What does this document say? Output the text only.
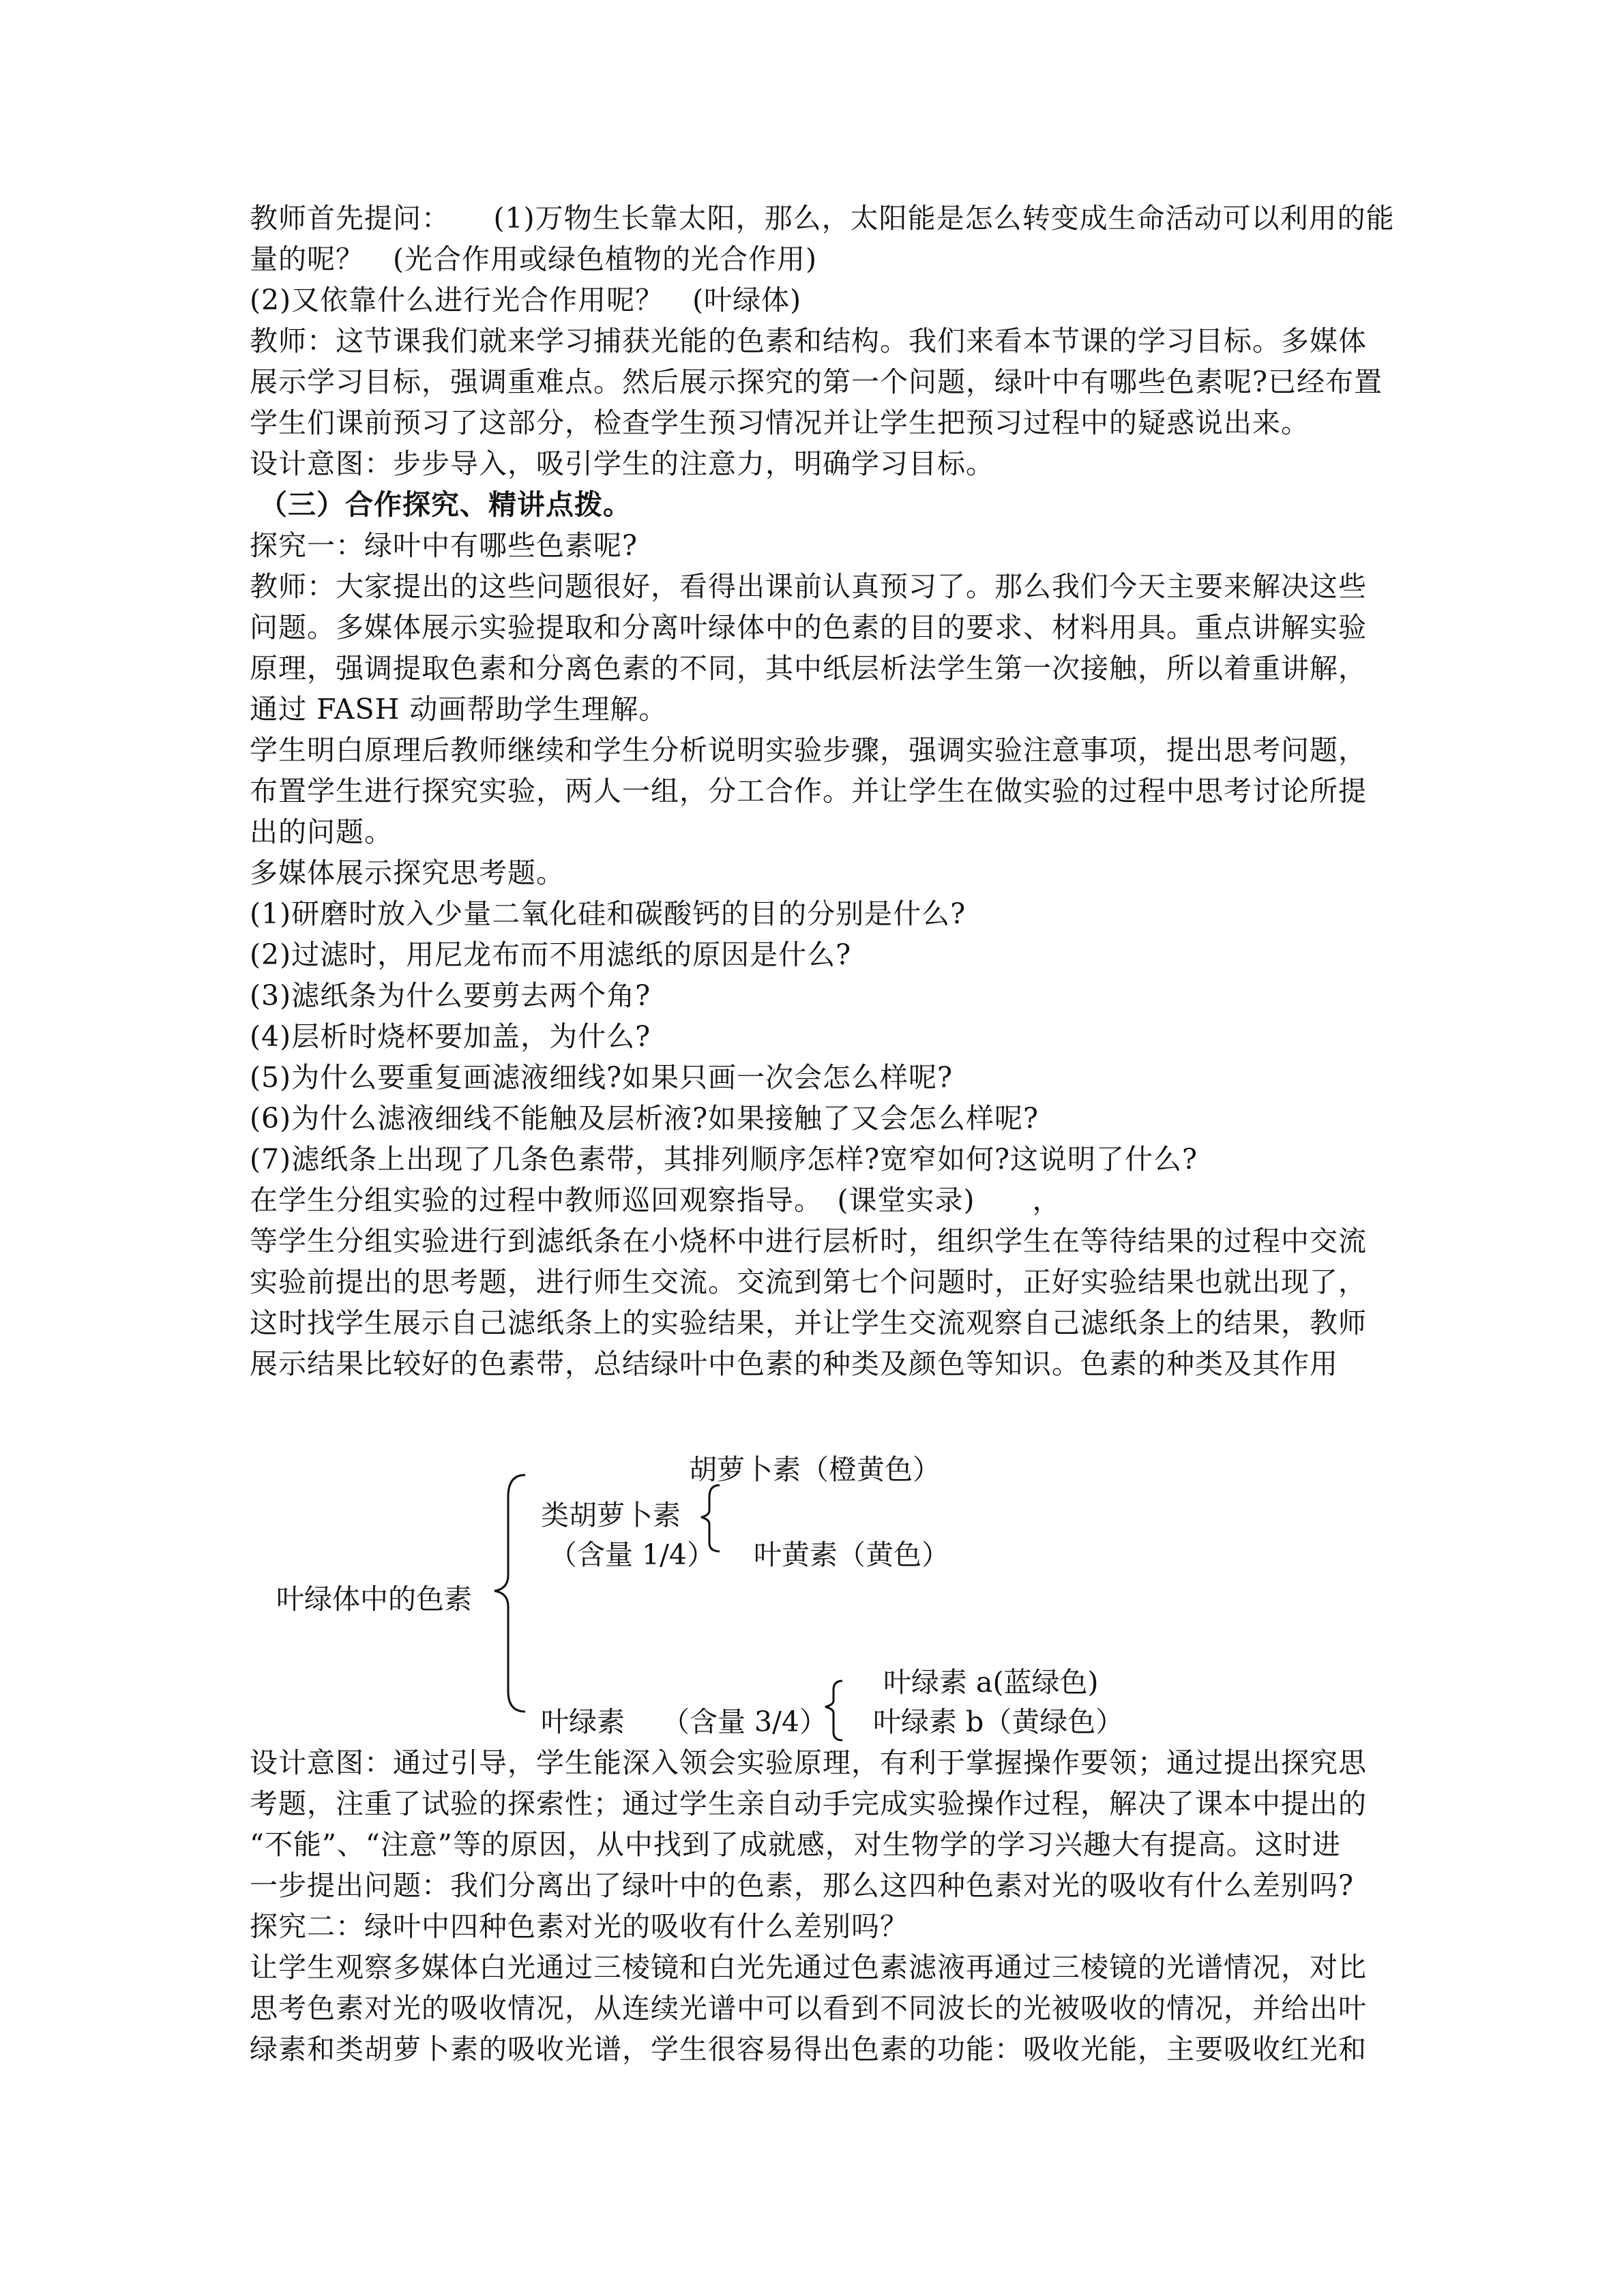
教师首先提问：　　(1)万物生长靠太阳，那么，太阳能是怎么转变成生命活动可以利用的能
量的呢？　(光合作用或绿色植物的光合作用)
(2)又依靠什么进行光合作用呢？　(叶绿体)
教师：这节课我们就来学习捕获光能的色素和结构。我们来看本节课的学习目标。多媒体
展示学习目标，强调重难点。然后展示探究的第一个问题，绿叶中有哪些色素呢?已经布置
学生们课前预习了这部分，检查学生预习情况并让学生把预习过程中的疑惑说出来。
设计意图：步步导入，吸引学生的注意力，明确学习目标。
（三）合作探究、精讲点拨。
探究一：绿叶中有哪些色素呢?
教师：大家提出的这些问题很好，看得出课前认真预习了。那么我们今天主要来解决这些
问题。多媒体展示实验提取和分离叶绿体中的色素的目的要求、材料用具。重点讲解实验
原理，强调提取色素和分离色素的不同，其中纸层析法学生第一次接触，所以着重讲解，
通过 FASH 动画帮助学生理解。
学生明白原理后教师继续和学生分析说明实验步骤，强调实验注意事项，提出思考问题，
布置学生进行探究实验，两人一组，分工合作。并让学生在做实验的过程中思考讨论所提
出的问题。
多媒体展示探究思考题。
(1)研磨时放入少量二氧化硅和碳酸钙的目的分别是什么?
(2)过滤时，用尼龙布而不用滤纸的原因是什么?
(3)滤纸条为什么要剪去两个角?
(4)层析时烧杯要加盖，为什么?
(5)为什么要重复画滤液细线?如果只画一次会怎么样呢?
(6)为什么滤液细线不能触及层析液?如果接触了又会怎么样呢?
(7)滤纸条上出现了几条色素带，其排列顺序怎样?宽窄如何?这说明了什么?
在学生分组实验的过程中教师巡回观察指导。　(课堂实录)　　，
等学生分组实验进行到滤纸条在小烧杯中进行层析时，组织学生在等待结果的过程中交流
实验前提出的思考题，进行师生交流。交流到第七个问题时，正好实验结果也就出现了，
这时找学生展示自己滤纸条上的实验结果，并让学生交流观察自己滤纸条上的结果，教师
展示结果比较好的色素带，总结绿叶中色素的种类及颜色等知识。色素的种类及其作用
叶绿体中的色素
类胡萝卜素
（含量 1/4）
胡萝卜素（橙黄色）
叶黄素（黄色）
叶绿素 （含量 3/4）
叶绿素 a(蓝绿色)
叶绿素 b（黄绿色）
设计意图：通过引导，学生能深入领会实验原理，有利于掌握操作要领；通过提出探究思
考题，注重了试验的探索性；通过学生亲自动手完成实验操作过程，解决了课本中提出的
“不能”、“注意”等的原因，从中找到了成就感，对生物学的学习兴趣大有提高。这时进
一步提出问题：我们分离出了绿叶中的色素，那么这四种色素对光的吸收有什么差别吗?
探究二：绿叶中四种色素对光的吸收有什么差别吗？
让学生观察多媒体白光通过三棱镜和白光先通过色素滤液再通过三棱镜的光谱情况，对比
思考色素对光的吸收情况，从连续光谱中可以看到不同波长的光被吸收的情况，并给出叶
绿素和类胡萝卜素的吸收光谱，学生很容易得出色素的功能：吸收光能，主要吸收红光和
